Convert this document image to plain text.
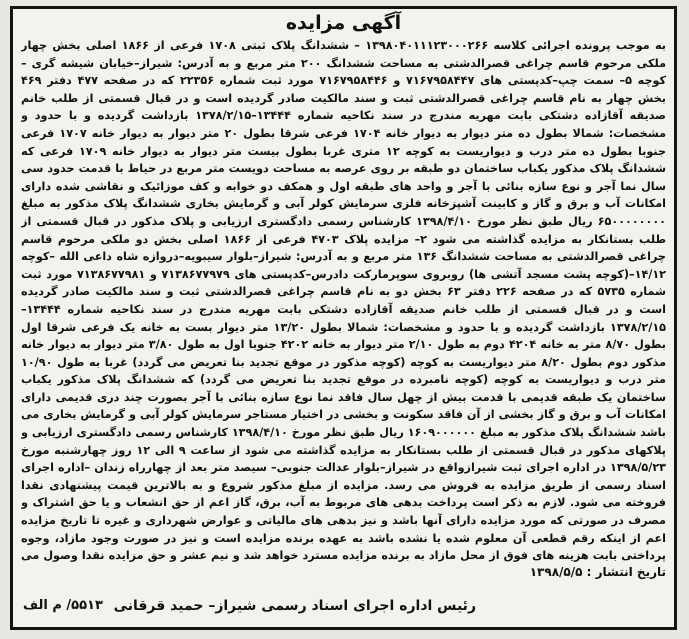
آگهی مزایده

به موجب پرونده اجرائی کلاسه ۱۳۹۸۰۴۰۱۱۱۲۳۰۰۰۲۶۶ – ششدانگ پلاک ثبتی ۱۷۰۸ فرعی از ۱۸۶۶ اصلی بخش چهار ملکی مرحوم قاسم چراغی قصرالدشتی به مساحت ششدانگ ۲۰۰ متر مربع و به آدرس: شیراز–خیابان شیشه گری –کوچه ۵– سمت چپ–کدپستی های ۷۱۶۷۹۵۸۴۴۷ و ۷۱۶۷۹۵۸۴۴۶ مورد ثبت شماره ۲۲۳۵۶ که در صفحه ۴۷۷ دفتر ۴۶۹ بخش چهار به نام قاسم چراغی قصرالدشتی ثبت و سند مالکیت صادر گردیده است و در قبال قسمتی از طلب خانم صدیقه آقازاده دشتکی بابت مهریه مندرج در سند نکاحیه شماره ۱۳۴۴۴–۱۳۷۸/۲/۱۵ بازداشت گردیده و با حدود و مشخصات: شمالا بطول ده متر دیوار به دیوار خانه ۱۷۰۴ فرعی شرقا بطول ۲۰ متر دیوار به دیوار خانه ۱۷۰۷ فرعی جنوبا بطول ده متر درب و دیواریست به کوچه ۱۲ متری غربا بطول بیست متر دیوار به دیوار خانه ۱۷۰۹ فرعی که ششدانگ پلاک مذکور یکباب ساختمان دو طبقه بر روی عرصه به مساحت دویست متر مربع در حیاط با قدمت حدود سی سال نما آجر و نوع سازه بنائی با آجر و واحد های طبقه اول و همکف دو خوابه و کف موزائیک و نقاشی شده دارای امکانات آب و برق و گاز و کابینت آشپزخانه فلزی سرمایش کولر آبی و گرمایش بخاری ششدانگ پلاک مذکور به مبلغ ۶۵۰۰۰۰۰۰۰۰ ریال طبق نظر مورخ ۱۳۹۸/۴/۱۰ کارشناس رسمی دادگستری ارزیابی و پلاک مذکور در قبال قسمتی از طلب بستانکار به مزایده گذاشته می شود ۲– مزایده پلاک ۴۷۰۳ فرعی از ۱۸۶۶ اصلی بخش دو ملکی مرحوم قاسم چراغی قصرالدشتی به مساحت ششدانگ ۱۳۶ متر مربع و به آدرس: شیراز–بلوار سیبویه–دروازه شاه داعی الله –کوچه ۱۴/۱۲–(کوچه پشت مسجد آتشی ها) روبروی سوپرمارکت دادرس–کدپستی های ۷۱۳۸۶۷۷۹۷۹ و ۷۱۳۸۶۷۷۹۸۱ مورد ثبت شماره ۵۷۳۵ که در صفحه ۲۲۶ دفتر ۶۳ بخش دو به نام قاسم چراغی قصرالدشتی ثبت و سند مالکیت صادر گردیده است و در قبال قسمتی از طلب خانم صدیقه آقازاده دشتکی بابت مهریه مندرج در سند نکاحیه شماره ۱۳۴۴۴–۱۳۷۸/۲/۱۵ بازداشت گردیده و با حدود و مشخصات: شمالا بطول ۱۳/۲۰ متر دیوار بست به خانه یک فرعی شرقا اول بطول ۸/۷۰ متر به خانه ۴۲۰۴ دوم به طول ۲/۱۰ متر دیوار به خانه ۴۲۰۲ جنوبا اول به طول ۳/۸۰ متر دیوار به دیوار خانه مذکور دوم بطول ۸/۲۰ متر دیواریست به کوچه (کوچه مذکور در موقع تجدید بنا تعریض می گردد) غربا به طول ۱۰/۹۰ متر درب و دیواریست به کوچه (کوچه نامبرده در موقع تجدید بنا تعریض می گردد) که ششدانگ پلاک مذکور یکباب ساختمان یک طبقه قدیمی با قدمت بیش از چهل سال فاقد نما نوع سازه بنائی با آجر بصورت چند دری قدیمی دارای امکانات آب و برق و گاز بخشی از آن فاقد سکونت و بخشی در اختیار مستاجر سرمایش کولر آبی و گرمایش بخاری می باشد ششدانگ پلاک مذکور به مبلغ ۱۶۰۹۰۰۰۰۰۰ ریال طبق نظر مورخ ۱۳۹۸/۴/۱۰ کارشناس رسمی دادگستری ارزیابی و پلاکهای مذکور در قبال قسمتی از طلب بستانکار به مزایده گذاشته می شود از ساعت ۹ الی ۱۲ روز چهارشنبه مورخ ۱۳۹۸/۵/۲۳ در اداره اجرای ثبت شیرازواقع در شیراز–بلوار عدالت جنوبی– سیصد متر بعد از چهارراه زندان –اداره اجرای اسناد رسمی از طریق مزایده به فروش می رسد. مزایده از مبلغ مذکور شروع و به بالاترین قیمت پیشنهادی نقدا فروخته می شود. لازم به ذکر است پرداخت بدهی های مربوط به آب، برق، گاز اعم از حق انشعاب و یا حق اشتراک و مصرف در صورتی که مورد مزایده دارای آنها باشد و نیز بدهی های مالیاتی و عوارض شهرداری و غیره تا تاریخ مزایده اعم از اینکه رقم قطعی آن معلوم شده یا نشده باشد به عهده برنده مزایده است و نیز در صورت وجود مازاد، وجوه پرداختی بابت هزینه های فوق از محل مازاد به برنده مزایده مسترد خواهد شد و نیم عشر و حق مزایده نقدا وصول می

تاریخ انتشار : ۱۳۹۸/۵/۵

رئیس اداره اجرای اسناد رسمی شیراز– حمید قرقانی
۵۵۱۳/ م الف
